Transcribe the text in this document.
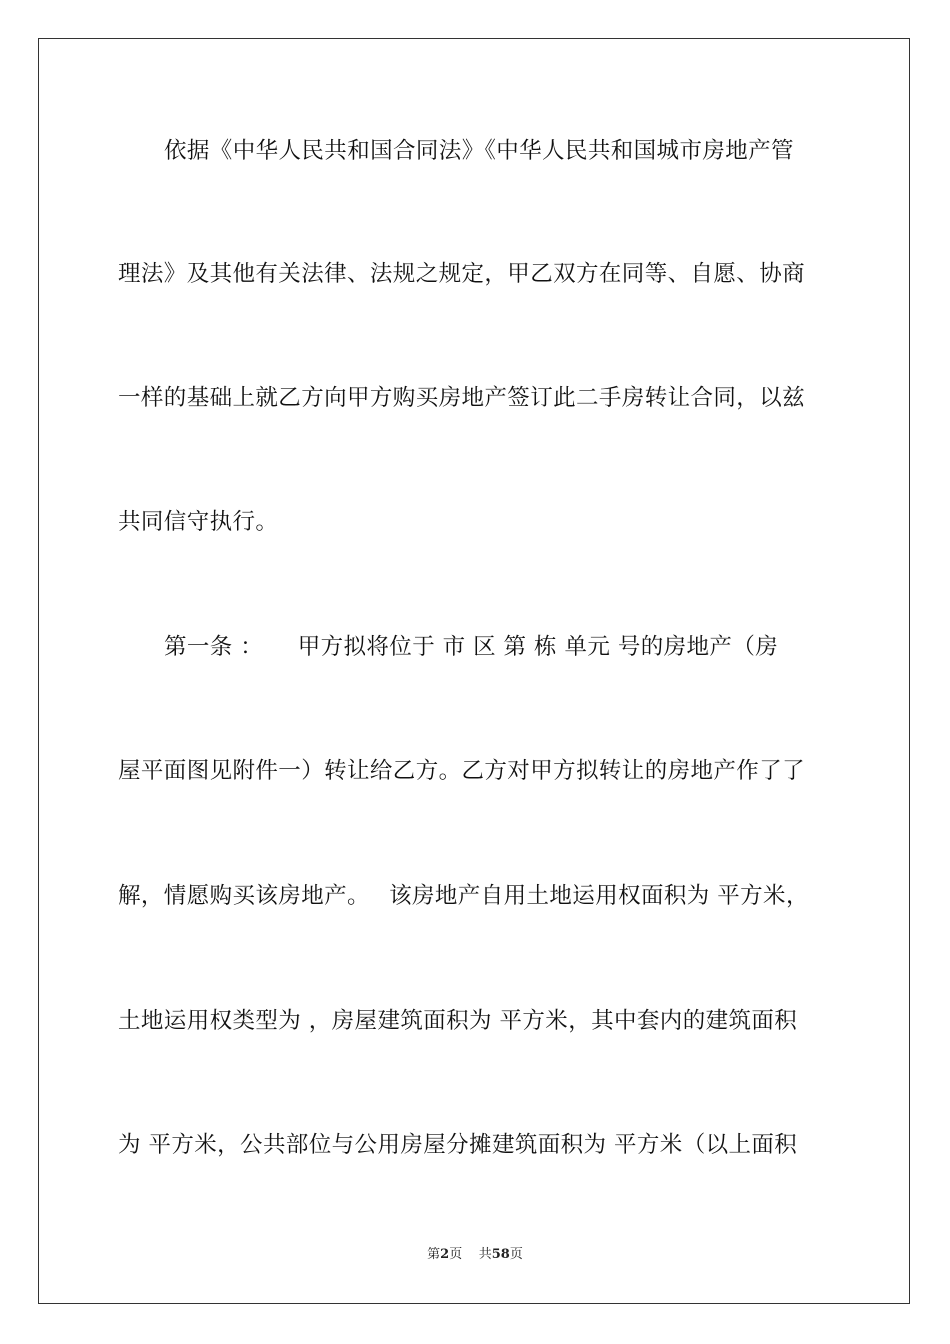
依据《中华人民共和国合同法》《中华人民共和国城市房地产管
理法》及其他有关法律、法规之规定，甲乙双方在同等、自愿、协商
一样的基础上就乙方向甲方购买房地产签订此二手房转让合同，以兹
共同信守执行。
第一条 ：　　甲方拟将位于 市 区 第 栋 单元 号的房地产（房
屋平面图见附件一）转让给乙方。乙方对甲方拟转让的房地产作了了
解，情愿购买该房地产。　 该房地产自用土地运用权面积为 平方米，
土地运用权类型为 ，房屋建筑面积为 平方米，其中套内的建筑面积
为 平方米，公共部位与公用房屋分摊建筑面积为 平方米（以上面积
第2页 共58页
